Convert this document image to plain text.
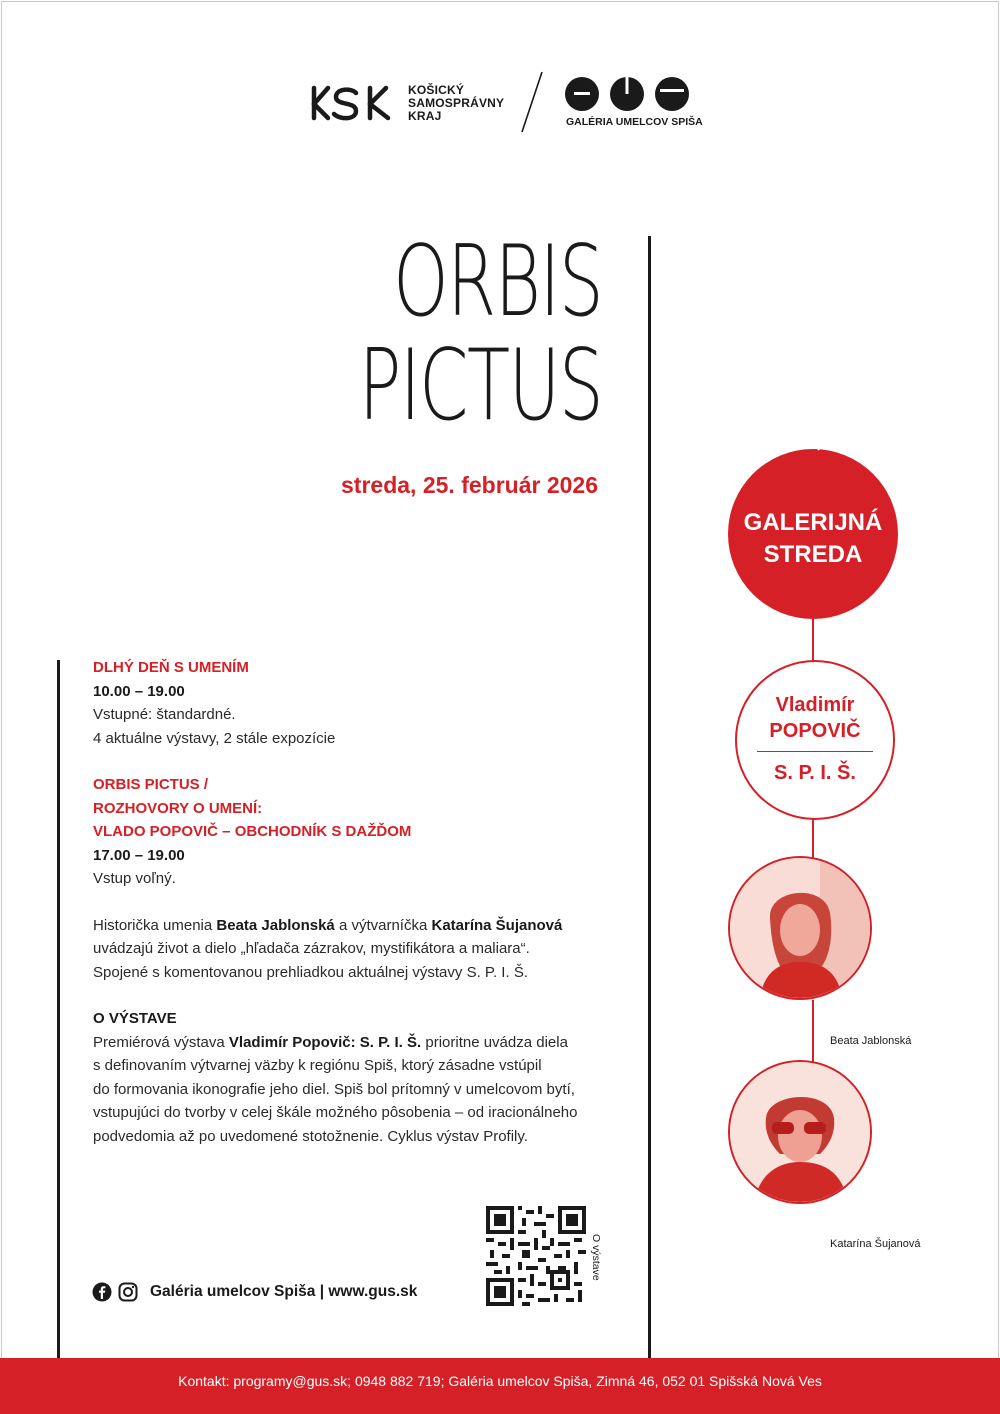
KOŠICKÝ
SAMOSPRÁVNY
KRAJ	GALÉRIA UMELCOV SPIŠA
ORBIS
PICTUS
streda, 25. február 2026
DLHÝ DEŇ S UMENÍM
10.00 – 19.00
Vstupné: štandardné.
4 aktuálne výstavy, 2 stále expozície
ORBIS PICTUS /
ROZHOVORY O UMENÍ:
VLADO POPOVIČ – OBCHODNÍK S DAŽĎOM
17.00 – 19.00
Vstup voľný.
Historička umenia Beata Jablonská a výtvarníčka Katarína Šujanová
uvádzajú život a dielo „hľadača zázrakov, mystifikátora a maliara“.
Spojené s komentovanou prehliadkou aktuálnej výstavy S. P. I. Š.
O VÝSTAVE
Premiérová výstava Vladimír Popovič: S. P. I. Š. prioritne uvádza diela
s definovaním výtvarnej väzby k regiónu Spiš, ktorý zásadne vstúpil
do formovania ikonografie jeho diel. Spiš bol prítomný v umelcovom bytí,
vstupujúci do tvorby v celej škále možného pôsobenia – od iracionálneho
podvedomia až po uvedomené stotožnenie. Cyklus výstav Profily.
GALERIJNÁ
STREDA
Vladimír
POPOVIČ
S. P. I. Š.
Beata Jablonská
Katarína Šujanová
Galéria umelcov Spiša | www.gus.sk
O výstave
Kontakt: programy@gus.sk; 0948 882 719; Galéria umelcov Spiša, Zimná 46, 052 01 Spišská Nová Ves
